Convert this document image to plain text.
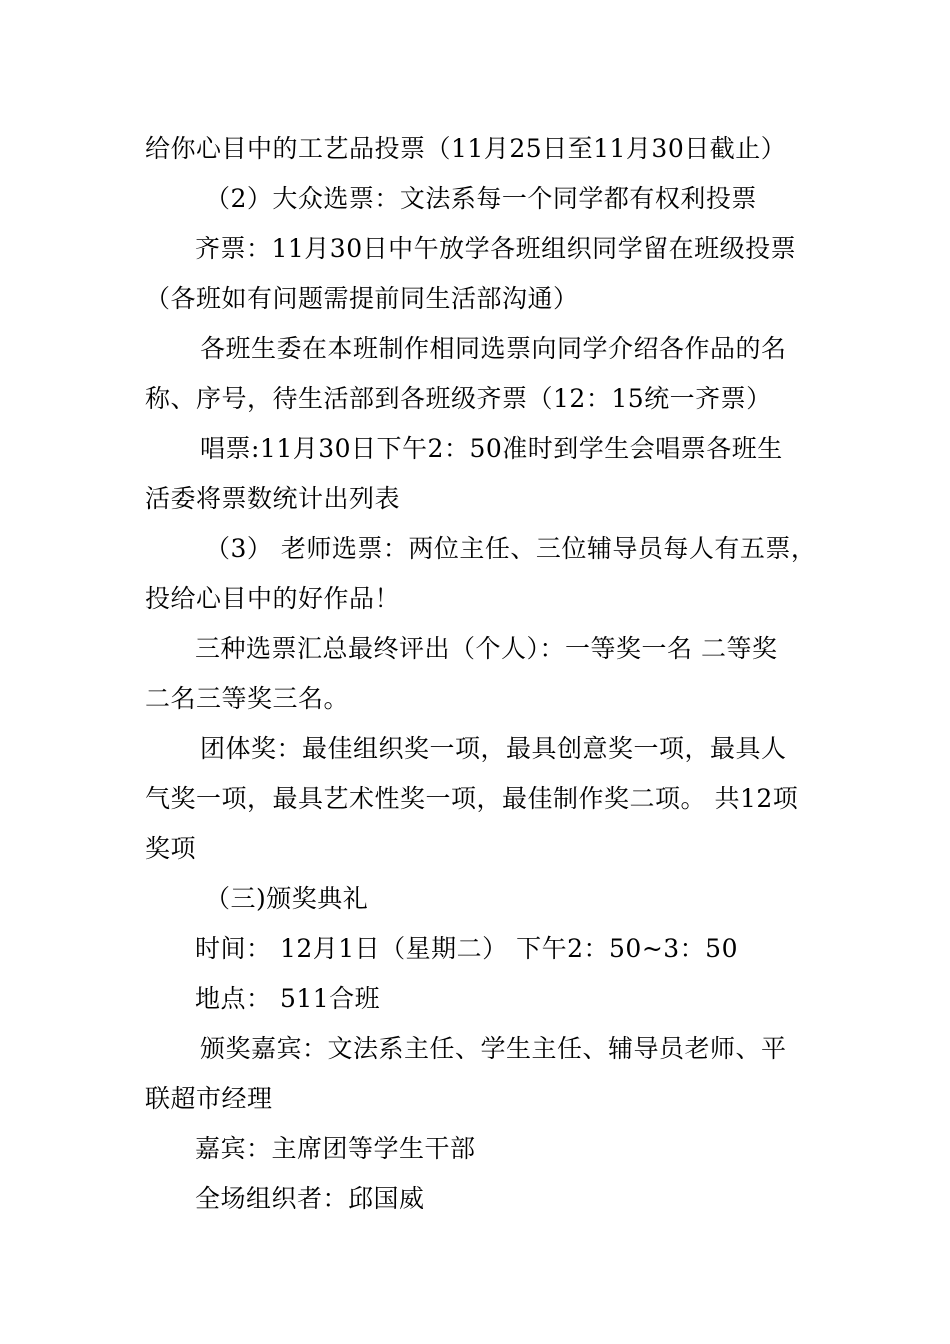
给你心目中的工艺品投票（11月25日至11月30日截止）
（2）大众选票：文法系每一个同学都有权利投票
齐票：11月30日中午放学各班组织同学留在班级投票
（各班如有问题需提前同生活部沟通）
各班生委在本班制作相同选票向同学介绍各作品的名
称、序号，待生活部到各班级齐票（12：15统一齐票）
唱票:11月30日下午2：50准时到学生会唱票各班生
活委将票数统计出列表
（3） 老师选票：两位主任、三位辅导员每人有五票，
投给心目中的好作品！
三种选票汇总最终评出（个人）：一等奖一名 二等奖
二名三等奖三名。
团体奖：最佳组织奖一项，最具创意奖一项，最具人
气奖一项，最具艺术性奖一项，最佳制作奖二项。 共12项
奖项
（三)颁奖典礼
时间： 12月1日（星期二） 下午2：50~3：50
地点： 511合班
颁奖嘉宾：文法系主任、学生主任、辅导员老师、平
联超市经理
嘉宾：主席团等学生干部
全场组织者：邱国威
